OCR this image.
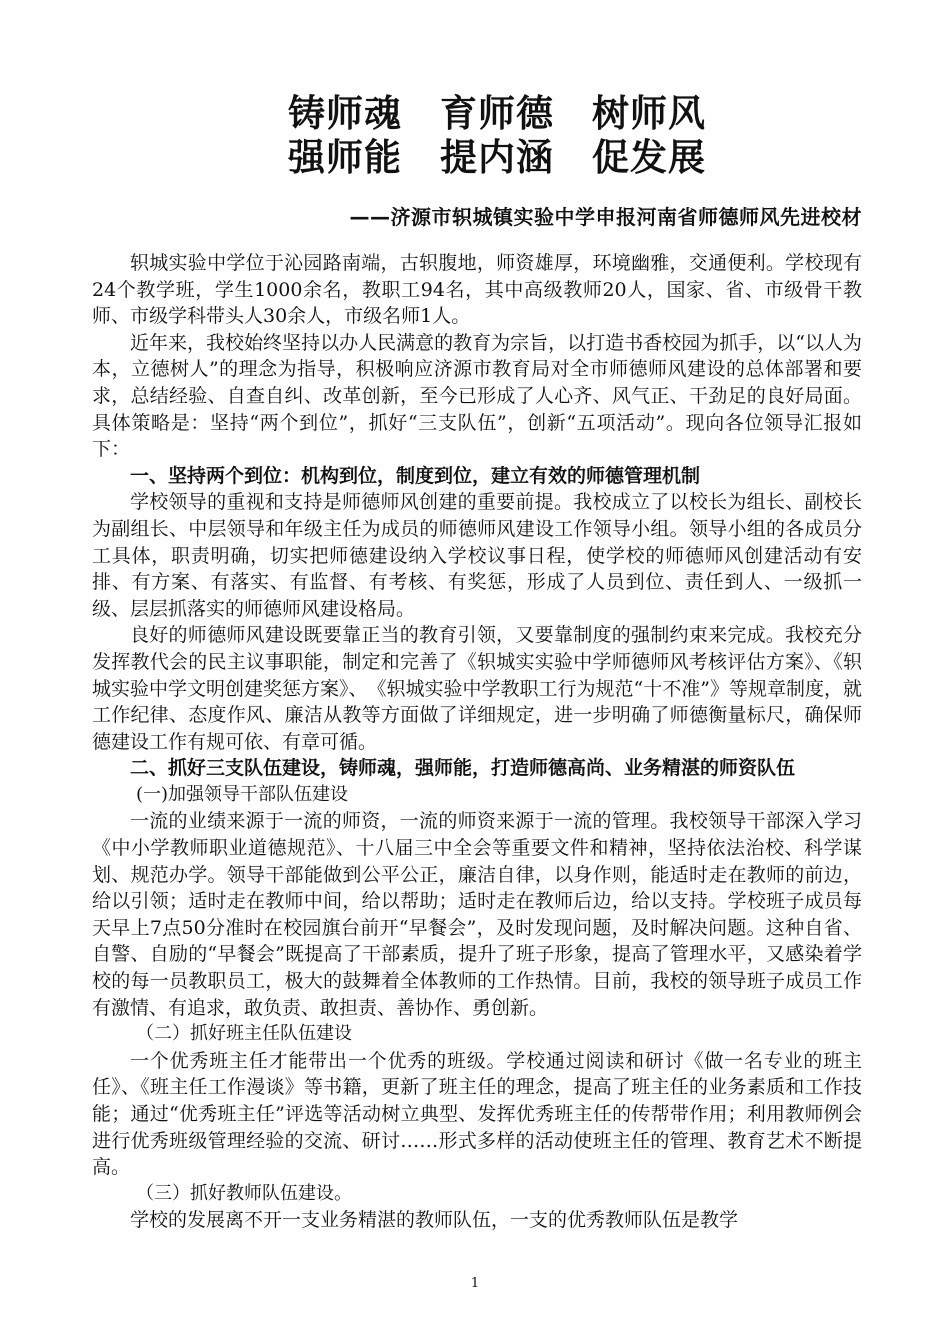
铸师魂　育师德　树师风
强师能　提内涵　促发展
——济源市轵城镇实验中学申报河南省师德师风先进校材

轵城实验中学位于沁园路南端，古轵腹地，师资雄厚，环境幽雅，交通便利。学校现有24个教学班，学生1000余名，教职工94名，其中高级教师20人，国家、省、市级骨干教师、市级学科带头人30余人，市级名师1人。

近年来，我校始终坚持以办人民满意的教育为宗旨，以打造书香校园为抓手，以“以人为本，立德树人”的理念为指导，积极响应济源市教育局对全市师德师风建设的总体部署和要求，总结经验、自查自纠、改革创新，至今已形成了人心齐、风气正、干劲足的良好局面。具体策略是：坚持“两个到位”，抓好“三支队伍”，创新“五项活动”。现向各位领导汇报如下：

一、坚持两个到位：机构到位，制度到位，建立有效的师德管理机制

学校领导的重视和支持是师德师风创建的重要前提。我校成立了以校长为组长、副校长为副组长、中层领导和年级主任为成员的师德师风建设工作领导小组。领导小组的各成员分工具体，职责明确，切实把师德建设纳入学校议事日程，使学校的师德师风创建活动有安排、有方案、有落实、有监督、有考核、有奖惩，形成了人员到位、责任到人、一级抓一级、层层抓落实的师德师风建设格局。

良好的师德师风建设既要靠正当的教育引领，又要靠制度的强制约束来完成。我校充分发挥教代会的民主议事职能，制定和完善了《轵城实实验中学师德师风考核评估方案》、《轵城实验中学文明创建奖惩方案》、　《轵城实验中学教职工行为规范“十不准”》等规章制度，就工作纪律、态度作风、廉洁从教等方面做了详细规定，进一步明确了师德衡量标尺，确保师德建设工作有规可依、有章可循。

二、抓好三支队伍建设，铸师魂，强师能，打造师德高尚、业务精湛的师资队伍

(一)加强领导干部队伍建设

一流的业绩来源于一流的师资，一流的师资来源于一流的管理。我校领导干部深入学习《中小学教师职业道德规范》、十八届三中全会等重要文件和精神，坚持依法治校、科学谋划、规范办学。领导干部能做到公平公正，廉洁自律，以身作则，能适时走在教师的前边，给以引领；适时走在教师中间，给以帮助；适时走在教师后边，给以支持。学校班子成员每天早上7点50分准时在校园旗台前开“早餐会”，及时发现问题，及时解决问题。这种自省、自警、自励的“早餐会”既提高了干部素质，提升了班子形象，提高了管理水平，又感染着学校的每一员教职员工，极大的鼓舞着全体教师的工作热情。目前，我校的领导班子成员工作有激情、有追求，敢负责、敢担责、善协作、勇创新。

（二）抓好班主任队伍建设

一个优秀班主任才能带出一个优秀的班级。学校通过阅读和研讨《做一名专业的班主任》、《班主任工作漫谈》等书籍，更新了班主任的理念，提高了班主任的业务素质和工作技能；通过“优秀班主任”评选等活动树立典型、发挥优秀班主任的传帮带作用；利用教师例会进行优秀班级管理经验的交流、研讨……形式多样的活动使班主任的管理、教育艺术不断提高。

（三）抓好教师队伍建设。

学校的发展离不开一支业务精湛的教师队伍，一支的优秀教师队伍是教学

1
